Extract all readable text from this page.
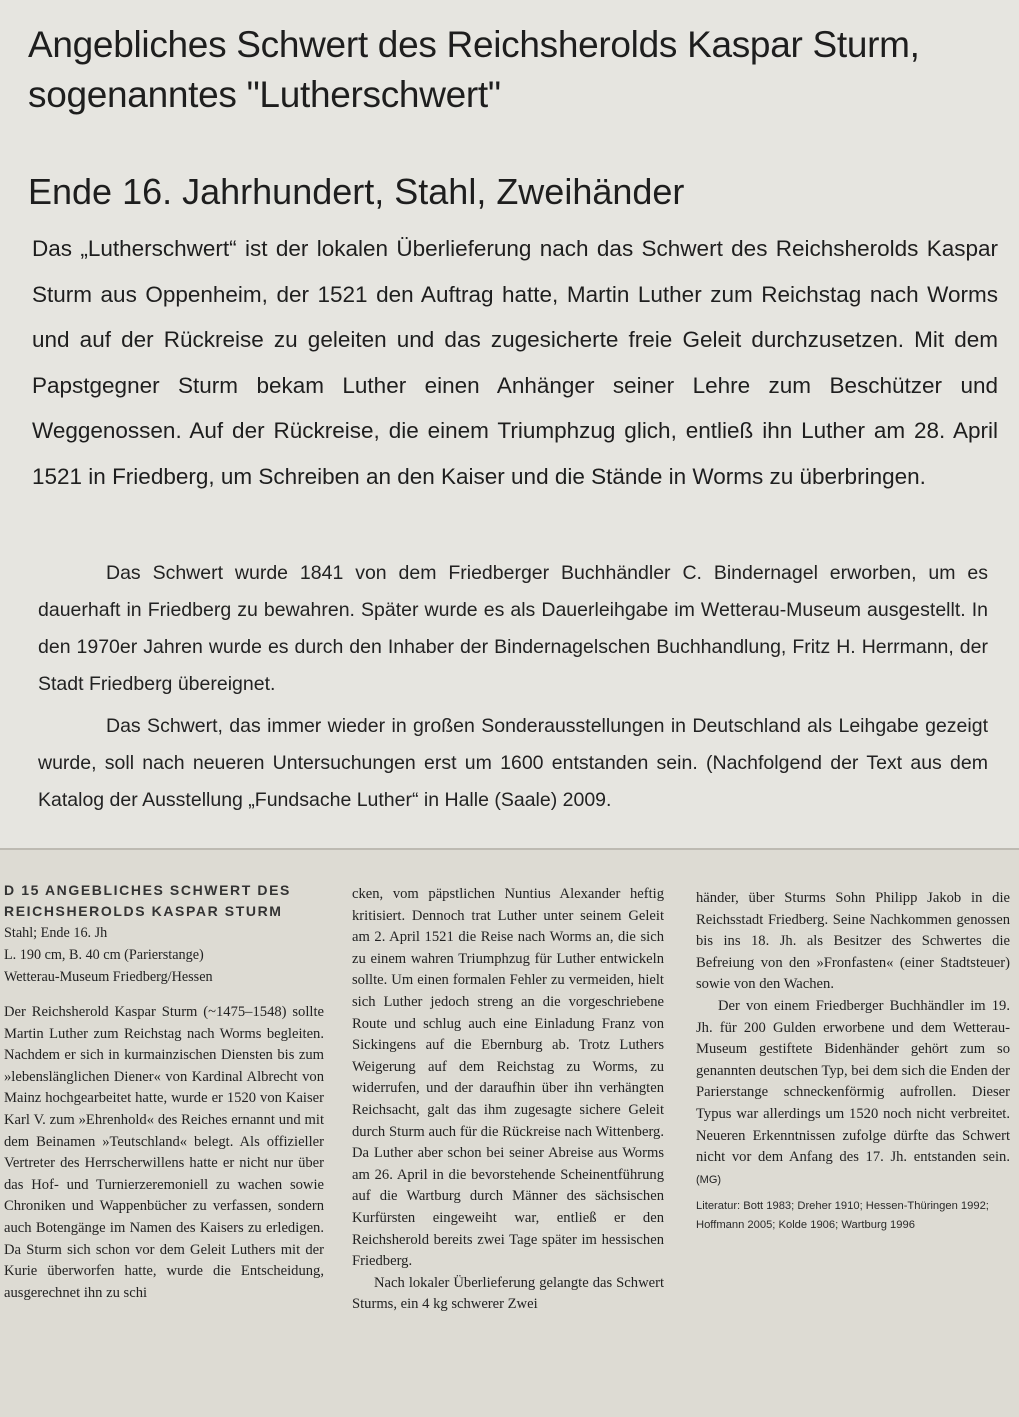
Angebliches Schwert des Reichsherolds Kaspar Sturm,
sogenanntes "Lutherschwert"
Ende 16. Jahrhundert, Stahl, Zweihänder

Das „Lutherschwert“ ist der lokalen Überlieferung nach das Schwert des Reichsherolds Kaspar Sturm aus Oppenheim, der 1521 den Auftrag hatte, Martin Luther zum Reichstag nach Worms und auf der Rückreise zu geleiten und das zugesicherte freie Geleit durchzusetzen. Mit dem Papstgegner Sturm bekam Luther einen Anhänger seiner Lehre zum Beschützer und Weggenossen. Auf der Rückreise, die einem Triumphzug glich, entließ ihn Luther am 28. April 1521 in Friedberg, um Schreiben an den Kaiser und die Stände in Worms zu überbringen.

Das Schwert wurde 1841 von dem Friedberger Buchhändler C. Bindernagel erworben, um es dauerhaft in Friedberg zu bewahren. Später wurde es als Dauerleihgabe im Wetterau-Museum ausgestellt. In den 1970er Jahren wurde es durch den Inhaber der Bindernagelschen Buchhandlung, Fritz H. Herrmann, der Stadt Friedberg übereignet.

Das Schwert, das immer wieder in großen Sonderausstellungen in Deutschland als Leihgabe gezeigt wurde, soll nach neueren Untersuchungen erst um 1600 entstanden sein. (Nachfolgend der Text aus dem Katalog der Ausstellung „Fundsache Luther“ in Halle (Saale) 2009.

D 15 ANGEBLICHES SCHWERT DES
REICHSHEROLDS KASPAR STURM
Stahl; Ende 16. Jh
L. 190 cm, B. 40 cm (Parierstange)
Wetterau-Museum Friedberg/Hessen

Der Reichsherold Kaspar Sturm (~1475–1548) sollte Martin Luther zum Reichstag nach Worms begleiten. Nachdem er sich in kurmainzischen Diensten bis zum »lebenslänglichen Diener« von Kardinal Albrecht von Mainz hochgearbeitet hatte, wurde er 1520 von Kaiser Karl V. zum »Ehrenhold« des Reiches ernannt und mit dem Beinamen »Teutschland« belegt. Als offizieller Vertreter des Herrscherwillens hatte er nicht nur über das Hof- und Turnierzeremoniell zu wachen sowie Chroniken und Wappenbücher zu verfassen, sondern auch Botengänge im Namen des Kaisers zu erledigen. Da Sturm sich schon vor dem Geleit Luthers mit der Kurie überworfen hatte, wurde die Entscheidung, ausgerechnet ihn zu schi

cken, vom päpstlichen Nuntius Alexander heftig kritisiert. Dennoch trat Luther unter seinem Geleit am 2. April 1521 die Reise nach Worms an, die sich zu einem wahren Triumphzug für Luther entwickeln sollte. Um einen formalen Fehler zu vermeiden, hielt sich Luther jedoch streng an die vorgeschriebene Route und schlug auch eine Einladung Franz von Sickingens auf die Ebernburg ab. Trotz Luthers Weigerung auf dem Reichstag zu Worms, zu widerrufen, und der daraufhin über ihn verhängten Reichsacht, galt das ihm zugesagte sichere Geleit durch Sturm auch für die Rückreise nach Wittenberg. Da Luther aber schon bei seiner Abreise aus Worms am 26. April in die bevorstehende Scheinentführung auf die Wartburg durch Männer des sächsischen Kurfürsten eingeweiht war, entließ er den Reichsherold bereits zwei Tage später im hessischen Friedberg.

Nach lokaler Überlieferung gelangte das Schwert Sturms, ein 4 kg schwerer Zwei

händer, über Sturms Sohn Philipp Jakob in die Reichsstadt Friedberg. Seine Nachkommen genossen bis ins 18. Jh. als Besitzer des Schwertes die Befreiung von den »Fronfasten« (einer Stadtsteuer) sowie von den Wachen.

Der von einem Friedberger Buchhändler im 19. Jh. für 200 Gulden erworbene und dem Wetterau-Museum gestiftete Bidenhänder gehört zum so genannten deutschen Typ, bei dem sich die Enden der Parierstange schneckenförmig aufrollen. Dieser Typus war allerdings um 1520 noch nicht verbreitet. Neueren Erkenntnissen zufolge dürfte das Schwert nicht vor dem Anfang des 17. Jh. entstanden sein. (MG)

Literatur: Bott 1983; Dreher 1910; Hessen-Thüringen 1992; Hoffmann 2005; Kolde 1906; Wartburg 1996
